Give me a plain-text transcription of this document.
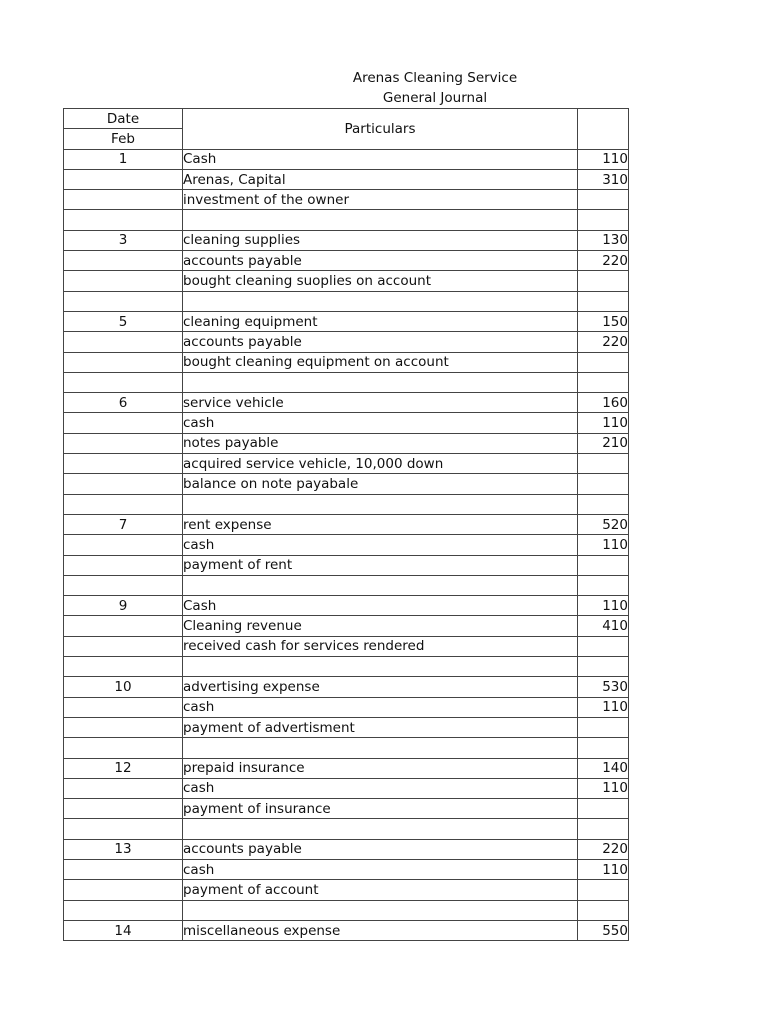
Arenas Cleaning Service
General Journal
Date	Particulars	
Feb		
1	Cash	110
	Arenas, Capital	310
	investment of the owner	

3	cleaning supplies	130
	accounts payable	220
	bought cleaning suoplies on account	

5	cleaning equipment	150
	accounts payable	220
	bought cleaning equipment on account	

6	service vehicle	160
	cash	110
	notes payable	210
	acquired service vehicle, 10,000 down	
	balance on note payabale	

7	rent expense	520
	cash	110
	payment of rent	

9	Cash	110
	Cleaning revenue	410
	received cash for services rendered	

10	advertising expense	530
	cash	110
	payment of advertisment	

12	prepaid insurance	140
	cash	110
	payment of insurance	

13	accounts payable	220
	cash	110
	payment of account	

14	miscellaneous expense	550
